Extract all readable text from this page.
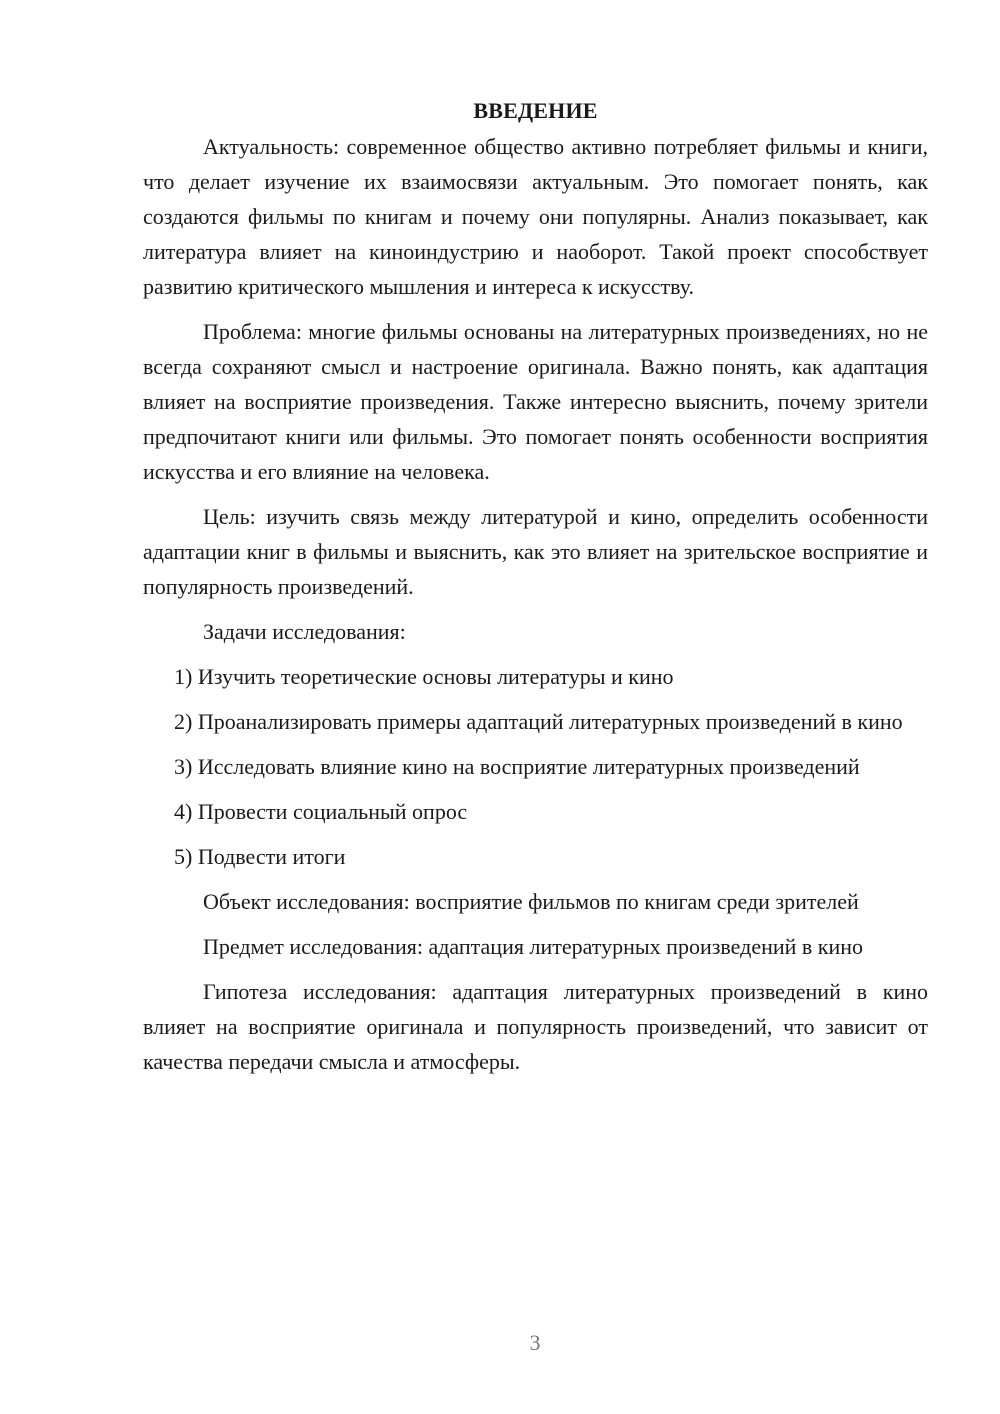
ВВЕДЕНИЕ

Актуальность: современное общество активно потребляет фильмы и книги, что делает изучение их взаимосвязи актуальным. Это помогает понять, как создаются фильмы по книгам и почему они популярны. Анализ показывает, как литература влияет на киноиндустрию и наоборот. Такой проект способствует развитию критического мышления и интереса к искусству.

Проблема: многие фильмы основаны на литературных произведениях, но не всегда сохраняют смысл и настроение оригинала. Важно понять, как адаптация влияет на восприятие произведения. Также интересно выяснить, почему зрители предпочитают книги или фильмы. Это помогает понять особенности восприятия искусства и его влияние на человека.

Цель: изучить связь между литературой и кино, определить особенности адаптации книг в фильмы и выяснить, как это влияет на зрительское восприятие и популярность произведений.

Задачи исследования:

1) Изучить теоретические основы литературы и кино

2) Проанализировать примеры адаптаций литературных произведений в кино

3) Исследовать влияние кино на восприятие литературных произведений

4) Провести социальный опрос

5) Подвести итоги

Объект исследования: восприятие фильмов по книгам среди зрителей

Предмет исследования: адаптация литературных произведений в кино

Гипотеза исследования: адаптация литературных произведений в кино влияет на восприятие оригинала и популярность произведений, что зависит от качества передачи смысла и атмосферы.

3
